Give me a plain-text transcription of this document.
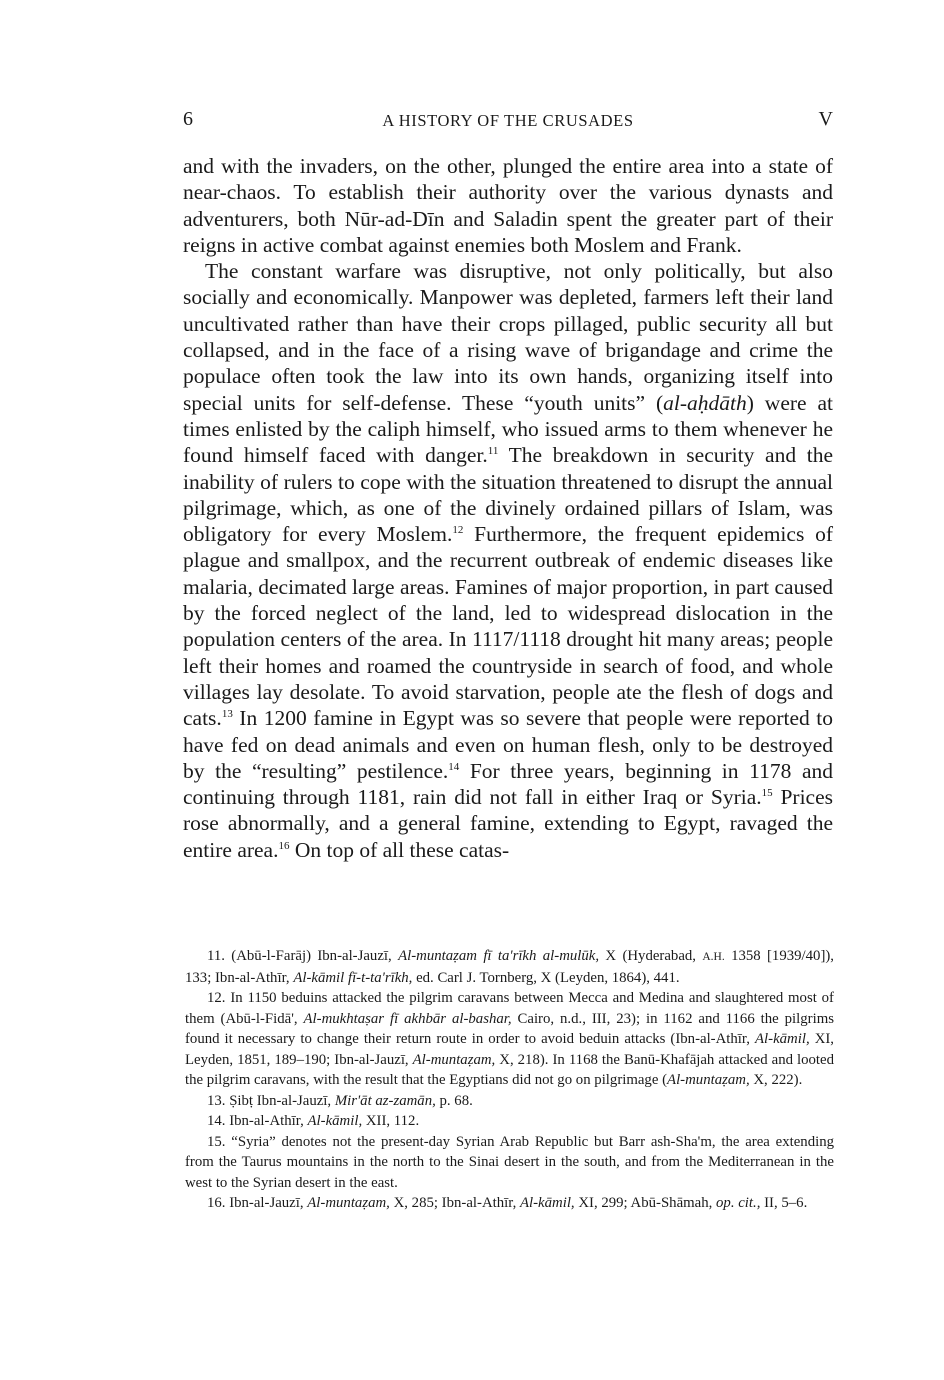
6	A HISTORY OF THE CRUSADES	V

and with the invaders, on the other, plunged the entire area into a state of near-chaos. To establish their authority over the various dynasts and adventurers, both Nūr-ad-Dīn and Saladin spent the greater part of their reigns in active combat against enemies both Moslem and Frank.

The constant warfare was disruptive, not only politically, but also socially and economically. Manpower was depleted, farmers left their land uncultivated rather than have their crops pillaged, public security all but collapsed, and in the face of a rising wave of brigandage and crime the populace often took the law into its own hands, organizing itself into special units for self-defense. These “youth units” (al-aḥdāth) were at times enlisted by the caliph himself, who issued arms to them whenever he found himself faced with danger.$^{11}$ The breakdown in security and the inability of rulers to cope with the situation threatened to disrupt the annual pilgrimage, which, as one of the divinely ordained pillars of Islam, was obligatory for every Moslem.$^{12}$ Furthermore, the frequent epidemics of plague and smallpox, and the recurrent outbreak of endemic diseases like malaria, decimated large areas. Famines of major proportion, in part caused by the forced neglect of the land, led to widespread dislocation in the population centers of the area. In 1117/1118 drought hit many areas; people left their homes and roamed the countryside in search of food, and whole villages lay desolate. To avoid starvation, people ate the flesh of dogs and cats.$^{13}$ In 1200 famine in Egypt was so severe that people were reported to have fed on dead animals and even on human flesh, only to be destroyed by the “resulting” pestilence.$^{14}$ For three years, beginning in 1178 and continuing through 1181, rain did not fall in either Iraq or Syria.$^{15}$ Prices rose abnormally, and a general famine, extending to Egypt, ravaged the entire area.$^{16}$ On top of all these catas-

11. (Abū-l-Farāj) Ibn-al-Jauzī, Al-muntaẓam fī ta'rīkh al-mulūk, X (Hyderabad, A.H. 1358 [1939/40]), 133; Ibn-al-Athīr, Al-kāmil fī-t-ta'rīkh, ed. Carl J. Tornberg, X (Leyden, 1864), 441.

12. In 1150 beduins attacked the pilgrim caravans between Mecca and Medina and slaughtered most of them (Abū-l-Fidā', Al-mukhtaṣar fī akhbār al-bashar, Cairo, n.d., III, 23); in 1162 and 1166 the pilgrims found it necessary to change their return route in order to avoid beduin attacks (Ibn-al-Athīr, Al-kāmil, XI, Leyden, 1851, 189–190; Ibn-al-Jauzī, Al-muntaẓam, X, 218). In 1168 the Banū-Khafājah attacked and looted the pilgrim caravans, with the result that the Egyptians did not go on pilgrimage (Al-muntaẓam, X, 222).

13. Ṣibṭ Ibn-al-Jauzī, Mir'āt az-zamān, p. 68.

14. Ibn-al-Athīr, Al-kāmil, XII, 112.

15. “Syria” denotes not the present-day Syrian Arab Republic but Barr ash-Sha'm, the area extending from the Taurus mountains in the north to the Sinai desert in the south, and from the Mediterranean in the west to the Syrian desert in the east.

16. Ibn-al-Jauzī, Al-muntaẓam, X, 285; Ibn-al-Athīr, Al-kāmil, XI, 299; Abū-Shāmah, op. cit., II, 5–6.
